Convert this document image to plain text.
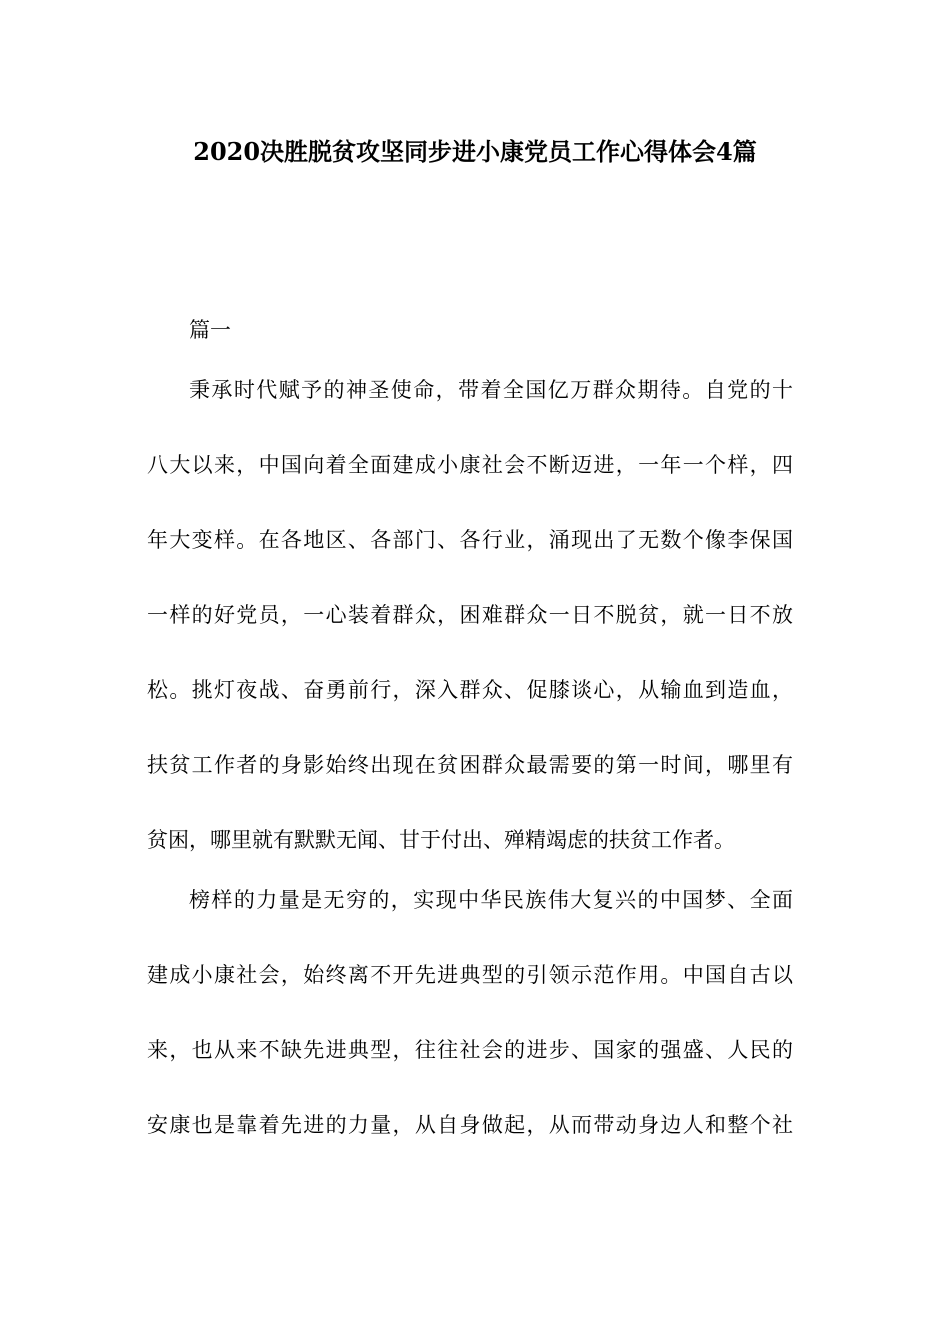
2020决胜脱贫攻坚同步进小康党员工作心得体会4篇

篇一

秉承时代赋予的神圣使命，带着全国亿万群众期待。自党的十

八大以来，中国向着全面建成小康社会不断迈进，一年一个样，四

年大变样。在各地区、各部门、各行业，涌现出了无数个像李保国

一样的好党员，一心装着群众，困难群众一日不脱贫，就一日不放

松。挑灯夜战、奋勇前行，深入群众、促膝谈心，从输血到造血，

扶贫工作者的身影始终出现在贫困群众最需要的第一时间，哪里有

贫困，哪里就有默默无闻、甘于付出、殚精竭虑的扶贫工作者。

榜样的力量是无穷的，实现中华民族伟大复兴的中国梦、全面

建成小康社会，始终离不开先进典型的引领示范作用。中国自古以

来，也从来不缺先进典型，往往社会的进步、国家的强盛、人民的

安康也是靠着先进的力量，从自身做起，从而带动身边人和整个社
